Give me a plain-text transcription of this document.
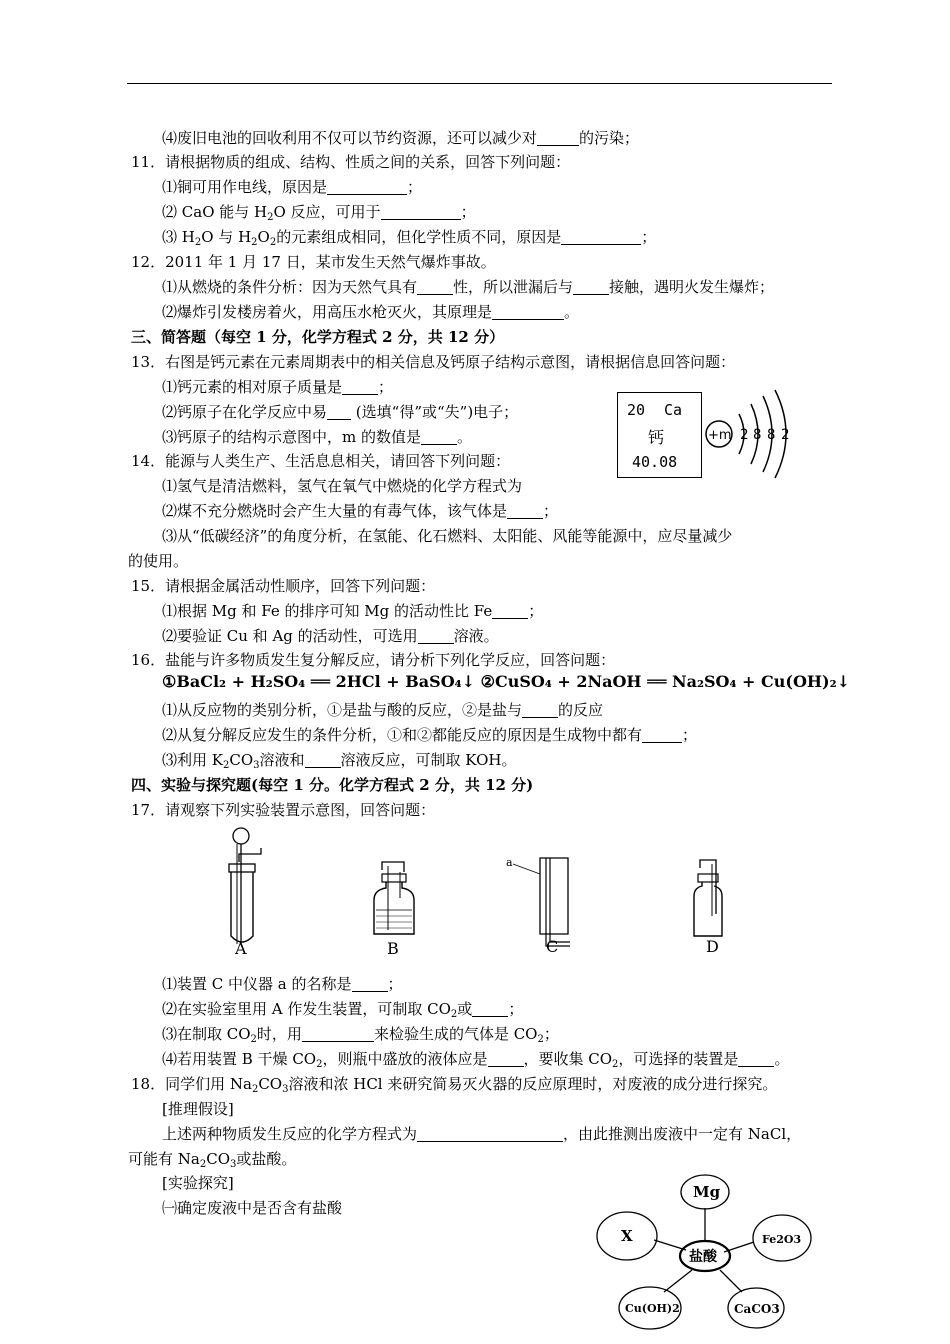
⑷废旧电池的回收利用不仅可以节约资源，还可以减少对	的污染；
11．请根据物质的组成、结构、性质之间的关系，回答下列问题：
⑴铜可用作电线，原因是	；
⑵ CaO 能与 $H_2O$ 反应，可用于	；
⑶ $H_2O$ 与 $H_2O_2$的元素组成相同，但化学性质不同，原因是	；
12．2011 年 1 月 17 日，某市发生天然气爆炸事故。
⑴从燃烧的条件分析：因为天然气具有 性，所以泄漏后与 接触，遇明火发生爆炸；
⑵爆炸引发楼房着火，用高压水枪灭火，其原理是	。
三、简答题（每空 1 分，化学方程式 2 分，共 12 分）
13．右图是钙元素在元素周期表中的相关信息及钙原子结构示意图，请根据信息回答问题：
⑴钙元素的相对原子质量是 ；
⑵钙原子在化学反应中易 (选填“得”或“失”)电子；
⑶钙原子的结构示意图中，m 的数值是 。
20 Ca
钙
40.08
+m 2 8 8 2
14．能源与人类生产、生活息息相关，请回答下列问题：
⑴氢气是清洁燃料，氢气在氧气中燃烧的化学方程式为
⑵煤不充分燃烧时会产生大量的有毒气体，该气体是 ；
⑶从“低碳经济”的角度分析，在氢能、化石燃料、太阳能、风能等能源中，应尽量减少
的使用。
15．请根据金属活动性顺序，回答下列问题：
⑴根据 Mg 和 Fe 的排序可知 Mg 的活动性比 Fe ；
⑵要验证 Cu 和 Ag 的活动性，可选用 溶液。
16．盐能与许多物质发生复分解反应，请分析下列化学反应，回答问题：
①BaCl₂ + H₂SO₄ ══ 2HCl + BaSO₄↓ ②CuSO₄ + 2NaOH ══ Na₂SO₄ + Cu(OH)₂↓
⑴从反应物的类别分析，①是盐与酸的反应，②是盐与 的反应
⑵从复分解反应发生的条件分析，①和②都能反应的原因是生成物中都有	；
⑶利用 $K_2CO_3$溶液和 溶液反应，可制取 KOH。
四、实验与探究题(每空 1 分。化学方程式 2 分，共 12 分)
17．请观察下列实验装置示意图，回答问题：
A	B
a
C	D
⑴装置 C 中仪器 a 的名称是 ；
⑵在实验室里用 A 作发生装置，可制取 $CO_2$或 ；
⑶在制取 $CO_2$时，用	来检验生成的气体是 $CO_2$；
⑷若用装置 B 干燥 $CO_2$，则瓶中盛放的液体应是 ，要收集 $CO_2$，可选择的装置是 。
18．同学们用 $Na_2CO_3$溶液和浓 HCl 来研究简易灭火器的反应原理时，对废液的成分进行探究。
[推理假设]
上述两种物质发生反应的化学方程式为	，由此推测出废液中一定有 NaCl，
可能有 $Na_2CO_3$或盐酸。
[实验探究]
㈠确定废液中是否含有盐酸
Mg
X	Fe2O3
Cu(OH)2	CaCO3
盐酸
